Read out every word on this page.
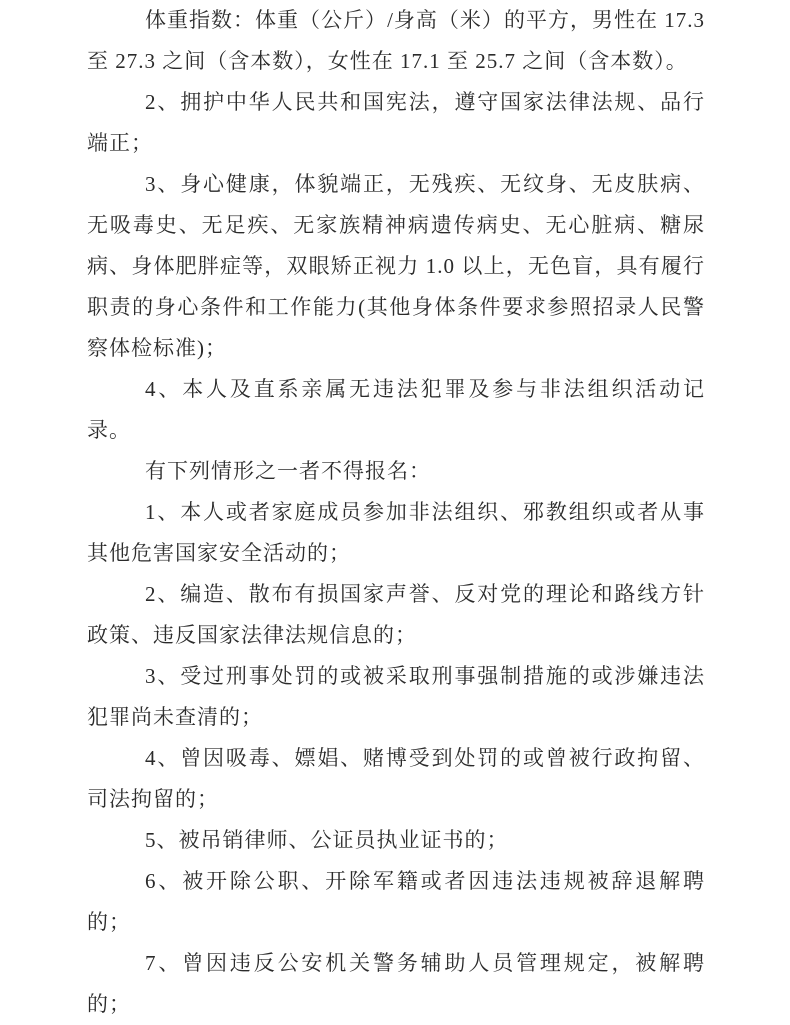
体重指数：体重（公斤）/身高（米）的平方，男性在 17.3 至 27.3 之间（含本数），女性在 17.1 至 25.7 之间（含本数）。

2、拥护中华人民共和国宪法，遵守国家法律法规、品行端正；

3、身心健康，体貌端正，无残疾、无纹身、无皮肤病、无吸毒史、无足疾、无家族精神病遗传病史、无心脏病、糖尿病、身体肥胖症等，双眼矫正视力 1.0 以上，无色盲，具有履行职责的身心条件和工作能力(其他身体条件要求参照招录人民警察体检标准)；

4、本人及直系亲属无违法犯罪及参与非法组织活动记录。

有下列情形之一者不得报名：

1、本人或者家庭成员参加非法组织、邪教组织或者从事其他危害国家安全活动的；

2、编造、散布有损国家声誉、反对党的理论和路线方针政策、违反国家法律法规信息的；

3、受过刑事处罚的或被采取刑事强制措施的或涉嫌违法犯罪尚未查清的；

4、曾因吸毒、嫖娼、赌博受到处罚的或曾被行政拘留、司法拘留的；

5、被吊销律师、公证员执业证书的；

6、被开除公职、开除军籍或者因违法违规被辞退解聘的；

7、曾因违反公安机关警务辅助人员管理规定，被解聘的；
